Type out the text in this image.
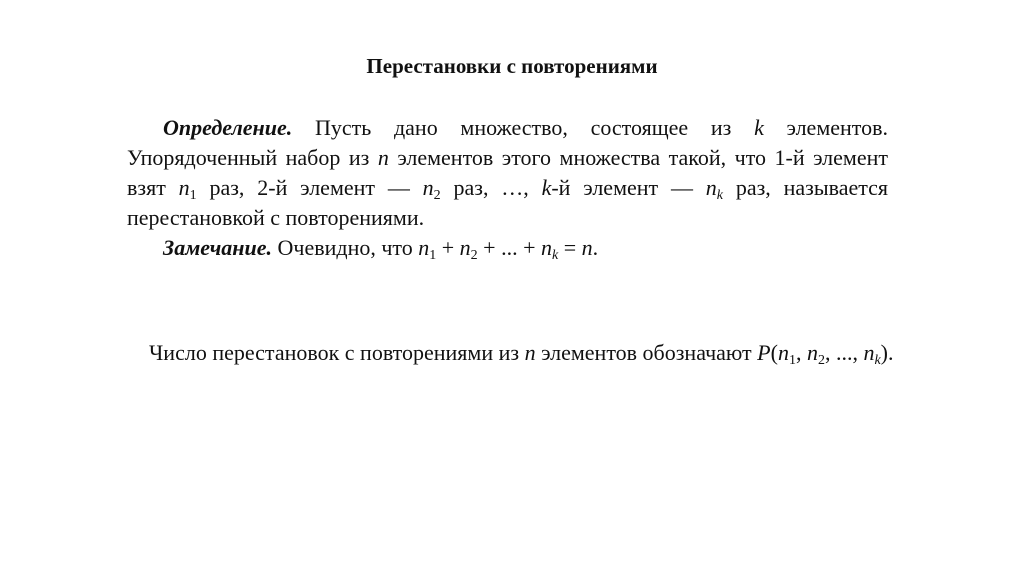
Перестановки с повторениями

Определение. Пусть дано множество, состоящее из k элементов. Упорядоченный набор из n элементов этого множества такой, что 1-й элемент взят $n_1$ раз, 2-й элемент — $n_2$ раз, …, k-й элемент — $n_k$ раз, называется перестановкой с повторениями.

Замечание. Очевидно, что $n_1 + n_2$ + ... + $n_k = n$.

Число перестановок с повторениями из n элементов обозначают $P(n_1$, $n_2$, ..., $n_k$).
